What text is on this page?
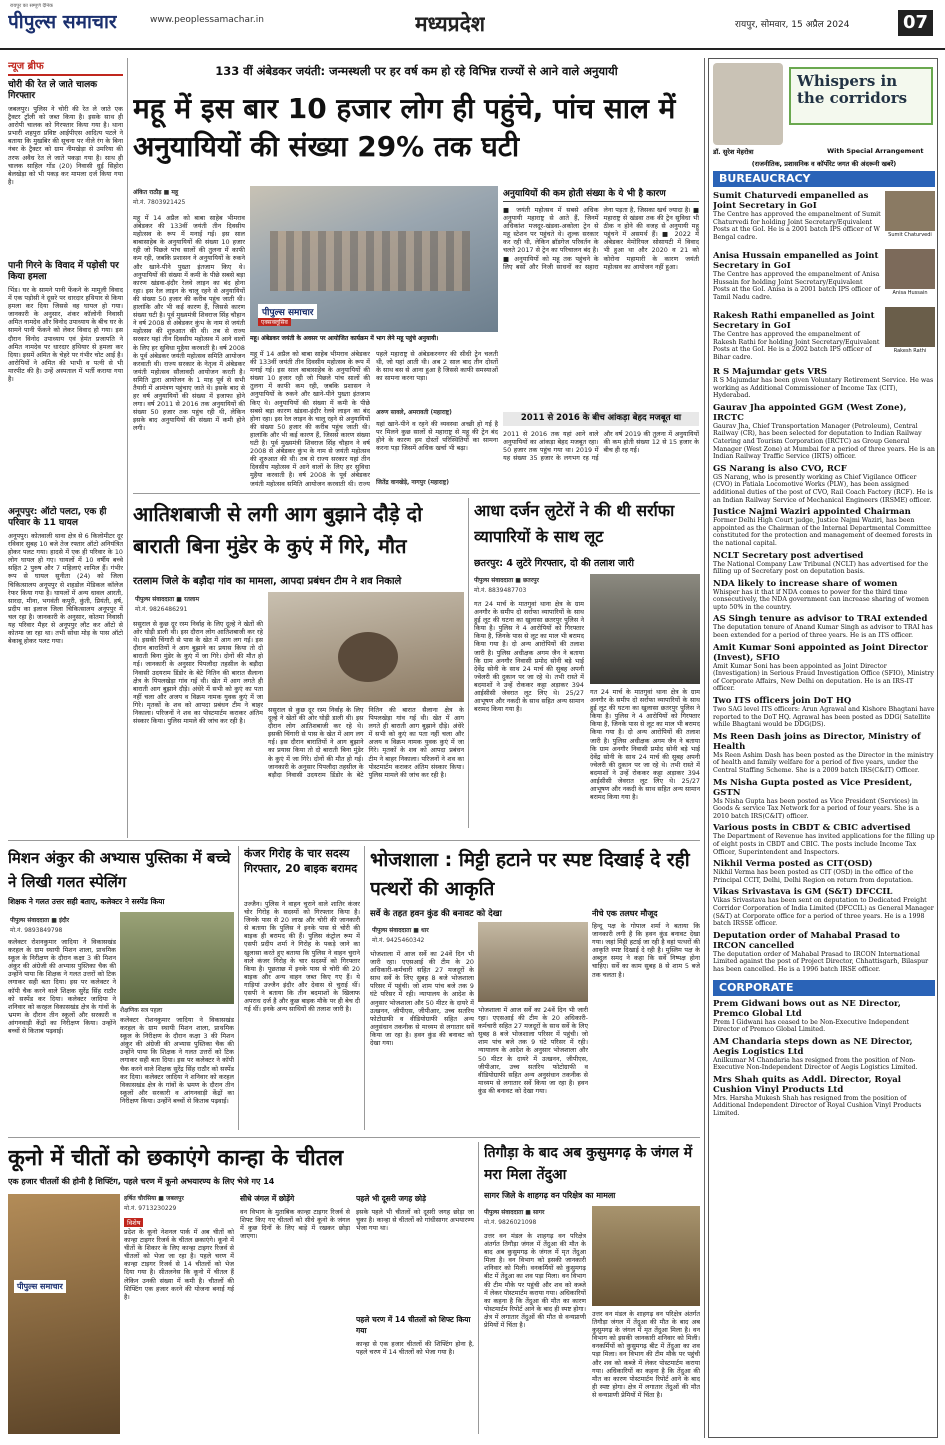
रायपुर का सम्पूर्ण दैनिक
पीपुल्स समाचार	www.peoplessamachar.in	मध्यप्रदेश	रायपुर, सोमवार, 15 अप्रैल 2024	07
न्यूज ब्रीफ
चोरी की रेत ले जाते चालक गिरफ्तार
जबलपुर। पुलिस ने चोरी की रेत ले जाते एक ट्रैक्टर ट्रॉली को जब्त किया है। इसके साथ ही आरोपी चालक को गिरफ्तार किया गया है। थाना प्रभारी शहपुरा प्रविष्ट आईपीएस आदित्य पटले ने बताया कि मुखबिर की सूचना पर नीले रंग के बिना नंबर के ट्रैक्टर को ग्राम नीमखेड़ा से उमरिया की तरफ अवैध रेत ले जाते पकड़ा गया है। साथ ही चालक साहिल गोंड (20) निवासी धुई सिहोरा बेलखेड़ा को भी पकड़ कर मामला दर्ज किया गया है।
पानी गिरने के विवाद में पड़ोसी पर किया हमला
भिंड। घर के सामने पानी फेंकने के मामूली विवाद में एक पड़ोसी ने दूसरे पर धारदार हथियार से किया हमला कर दिया जिससे वह घायल हो गया। जानकारी के अनुसार, शंकर कॉलोनी निवासी अमित नामदेव और विनोद उपाध्याय के बीच घर के सामने पानी फेंकने को लेकर विवाद हो गया। इस दौरान विनोद उपाध्याय एवं हेमंत प्रजापति ने अमित नामदेव पर धारदार हथियार से हमला कर दिया। इसमें अमित के चेहरे पर गंभीर चोट आई है। आरोपियों ने अमित की भाभी व पत्नी से भी मारपीट की है। उन्हें अस्पताल में भर्ती कराया गया है।
अनूपपुर: ऑटो पलटा, एक ही परिवार के 11 घायल
अनूपपुर। कोतवाली थाना क्षेत्र से 6 किलोमीटर दूर रविवार सुबह 10 बजे तेज रफ्तार ऑटो अनियंत्रित होकर पलट गया। हादसे में एक ही परिवार के 10 लोग घायल हो गए। घायलों में 10 वर्षीय बच्चे सहित 2 पुरुष और 7 महिलाएं शामिल हैं। गंभीर रूप से घायल सुनीता (24) को जिला चिकित्सालय अनूपपुर से शहडोल मेडिकल कॉलेज रेफर किया गया है। घायलों में अन्य धावल आरती, सारदा, मीना, भगवंती कपूरी, कुंती, प्रियंती, हर्ष, प्रदीप का इलाज जिला चिकित्सालय अनूपपुर में चल रहा है। जानकारी के अनुसार, कोतमा निवासी यह परिवार मैहर से अनूपपुर लौट कर ऑटो से कोतमा जा रहा था। तभी सोधा मोड़ के पास ऑटो बेकाबू होकर पलट गया।
133 वीं अंबेडकर जयंती: जन्मस्थली पर हर वर्ष कम हो रहे विभिन्न राज्यों से आने वाले अनुयायी
महू में इस बार 10 हजार लोग ही पहुंचे, पांच साल में अनुयायियों की संख्या 29% तक घटी
अंकित राठौड़ ■ महू
मो.नं. 7803921425
महू में 14 अप्रैल को बाबा साहेब भीमराव अंबेडकर की 133वीं जयंती तीन दिवसीय महोत्सव के रूप में मनाई गई। इस साल बाबासाहेब के अनुयायियों की संख्या 10 हजार रही जो पिछले पांच सालों की तुलना में काफी कम रही, जबकि प्रशासन ने अनुयायियों के रुकने और खाने-पीने पुख्ता इंतजाम किए थे। अनुयायियों की संख्या में कमी के पीछे सबसे बड़ा कारण खंडवा-इंदौर रेलवे लाइन का बंद होना रहा। इस रेल लाइन के चालू रहने से अनुयायियों की संख्या 50 हजार की करीब पहुंच जाती थी। हालांकि और भी कई कारण हैं, जिससे कारण संख्या घटी है। पूर्व मुख्यमंत्री शिवराज सिंह चौहान ने वर्ष 2008 से अंबेडकर कुंभ के नाम से जयंती महोत्सव की शुरुआत की थी। तब से राज्य सरकार यहां तीन दिवसीय महोत्सव में आने वालों के लिए हर सुविधा मुहैया करवाती है। वर्ष 2008 के पूर्व अंबेडकर जयंती महोत्सव समिति आयोजन करवाती थी। राज्य सरकार के नेतृत्व में अंबेडकर जयंती महोत्सव सौलावदी आयोजन करती है। समिति द्वारा आयोजन के 1 माह पूर्व से सभी तैयारी में आमंत्रण पहुंचाए जाते थे। इसके बाद से हर वर्ष अनुयायियों की संख्या में इजाफा होने लगा। वर्ष 2011 से 2016 तक अनुयायियों की संख्या 50 हजार तक पहुंच रही थी, लेकिन इसके बाद अनुयायियों की संख्या में कमी होने लगी।
पीपुल्स समाचार
एक्सक्लूसिव
महू। अंबेडकर जयंती के अवसर पर आयोजित कार्यक्रम में भाग लेने महू पहुंचे अनुयायी।
महू में 14 अप्रैल को बाबा साहेब भीमराव अंबेडकर की 133वीं जयंती तीन दिवसीय महोत्सव के रूप में मनाई गई। इस साल बाबासाहेब के अनुयायियों की संख्या 10 हजार रही जो पिछले पांच सालों की तुलना में काफी कम रही, जबकि प्रशासन ने अनुयायियों के रुकने और खाने-पीने पुख्ता इंतजाम किए थे। अनुयायियों की संख्या में कमी के पीछे सबसे बड़ा कारण खंडवा-इंदौर रेलवे लाइन का बंद होना रहा। इस रेल लाइन के चालू रहने से अनुयायियों की संख्या 50 हजार की करीब पहुंच जाती थी। हालांकि और भी कई कारण हैं, जिससे कारण संख्या घटी है। पूर्व मुख्यमंत्री शिवराज सिंह चौहान ने वर्ष 2008 से अंबेडकर कुंभ के नाम से जयंती महोत्सव की शुरुआत की थी। तब से राज्य सरकार यहां तीन दिवसीय महोत्सव में आने वालों के लिए हर सुविधा मुहैया करवाती है। वर्ष 2008 के पूर्व अंबेडकर जयंती महोत्सव समिति आयोजन करवाती थी। राज्य
पहले महाराष्ट्र से अंबेडकरनगर की सीधी ट्रेन चलती थी, जो यहां आती थी। अब 2 साल बाद तीन दोस्तों के साथ बस से आना हुआ है जिससे काफी समस्याओं का सामना करना पड़ा।
अरुण सावले, अमरावती (महाराष्ट्र)
यहां खाने-पीने व रहने की व्यवस्था अच्छी हो गई है पर मिलने कुछ सालों से महाराष्ट्र से महू की ट्रेन बंद होने के कारण हम दोस्तों परिस्थितियों का सामना करना पड़ा जिसमें अधिक खर्चा भी बढ़ा।
जितेंद्र वानखेड़े, नागपुर (महाराष्ट्र)
अनुयायियों की कम होती संख्या के ये भी है कारण
■ जयंती महोत्सव में सबसे अधिक अनुयायी महाराष्ट्र से आते हैं, जिनमें अधिकांश मजदूर-खंडवा-अकोला ट्रेन से महू स्टेशन पर पहुंचते थे। शुल्क सरकार कर रही थी, लेकिन ब्रॉडगेज परिवर्तन के चलते 2017 से ट्रेन का परिचालन बंद है। ■ अनुयायियों को महू तक पहुंचने के लिए बसों और निजी साधनों का सहारा लेना पड़ता है, जिसका खर्च ज्यादा है। ■ महाराष्ट्र से खंडवा तक की ट्रेन सुविधा भी ठीक न होने की वजह से अनुयायी महू पहुंचने में असमर्थ हैं। ■ 2022 में अंबेडकर मेमोरियल सोसायटी में विवाद भी हुआ था और 2020 व 21 को कोरोना महामारी के कारण जयंती महोत्सव का आयोजन नहीं हुआ।
2011 से 2016 के बीच आंकड़ा बेहद मजबूत था
2011 से 2016 तक यहां आने वाले अनुयायियों का आंकड़ा बेहद मजबूत रहा। 50 हजार तक पहुंच गया था। 2019 में यह संख्या 35 हजार के लगभग रह गई और वर्ष 2019 की तुलना में अनुयायियों की कम होती संख्या 12 से 15 हजार के बीच ही रह गई।
आतिशबाजी से लगी आग बुझाने दौड़े दो बाराती बिना मुंडेर के कुएं में गिरे, मौत
रतलाम जिले के बड़ौदा गांव का मामला, आपदा प्रबंधन टीम ने शव निकाले
पीपुल्स संवाददाता ■ रतलाम
मो.नं. 9826486291
ससुराल से कुछ दूर रस्म निर्वाह के लिए दूल्हे ने खेतों की ओर घोड़ी डाली थी। इस दौरान लोग आतिशबाजी कर रहे थे। इसकी चिंगारी से पास के खेत में आग लग गई। इस दौरान बारातियों ने आग बुझाने का प्रयास किया तो दो बाराती बिना मुंडेर के कुएं में जा गिरे। दोनों की मौत हो गई। जानकारी के अनुसार पिपलौदा तहसील के बड़ौदा निवासी उदयराम डिंडोर के बेटे नितिन की बारात सैलाना क्षेत्र के पिपलखेड़ा गांव गई थी। खेत में आग लगते ही बाराती आग बुझाने दौड़े। अंधेरे में सभी को कुएं का पता नहीं चला और अजय व विक्रम नामक युवक कुएं में जा गिरे। मृतकों के शव को आपदा प्रबंधन टीम ने बाहर निकाला। परिजनों ने शव का पोस्टमार्टम कराकर अंतिम संस्कार किया। पुलिस मामले की जांच कर रही है।
ससुराल से कुछ दूर रस्म निर्वाह के लिए दूल्हे ने खेतों की ओर घोड़ी डाली थी। इस दौरान लोग आतिशबाजी कर रहे थे। इसकी चिंगारी से पास के खेत में आग लग गई। इस दौरान बारातियों ने आग बुझाने का प्रयास किया तो दो बाराती बिना मुंडेर के कुएं में जा गिरे। दोनों की मौत हो गई। जानकारी के अनुसार पिपलौदा तहसील के बड़ौदा निवासी उदयराम डिंडोर के बेटे नितिन की बारात सैलाना क्षेत्र के पिपलखेड़ा गांव गई थी। खेत में आग लगते ही बाराती आग बुझाने दौड़े। अंधेरे में सभी को कुएं का पता नहीं चला और अजय व विक्रम नामक युवक कुएं में जा गिरे। मृतकों के शव को आपदा प्रबंधन टीम ने बाहर निकाला। परिजनों ने शव का पोस्टमार्टम कराकर अंतिम संस्कार किया। पुलिस मामले की जांच कर रही है।
आधा दर्जन लुटेरों ने की थी सर्राफा व्यापारियों के साथ लूट
छतरपुर: 4 लुटेरे गिरफ्तार, दो की तलाश जारी
पीपुल्स संवाददाता ■ छतरपुर
मो.नं. 8839487703
गत 24 मार्च के मातगुवां थाना क्षेत्र के ग्राम अनगौर के समीप दो सर्राफा व्यापारियों के साथ हुई लूट की घटना का खुलासा छतरपुर पुलिस ने किया है। पुलिस ने 4 आरोपियों को गिरफ्तार किया है, जिनके पास से लूट का माल भी बरामद किया गया है। दो अन्य आरोपियों की तलाश जारी है। पुलिस अधीक्षक अगम जैन ने बताया कि ग्राम अनगौर निवासी प्रमोद सोनी बड़े भाई देवेंद्र सोनी के साथ 24 मार्च की सुबह अपनी ज्वेलरी की दुकान पर जा रहे थे। तभी रास्ते में बदमाशों ने उन्हें रोककर कट्टा अड़ाकर 394 आईसीसी जेवरात लूट लिए थे। 25/27 आभूषण और नकदी के साथ सहित अन्य सामान बरामद किया गया है।
गत 24 मार्च के मातगुवां थाना क्षेत्र के ग्राम अनगौर के समीप दो सर्राफा व्यापारियों के साथ हुई लूट की घटना का खुलासा छतरपुर पुलिस ने किया है। पुलिस ने 4 आरोपियों को गिरफ्तार किया है, जिनके पास से लूट का माल भी बरामद किया गया है। दो अन्य आरोपियों की तलाश जारी है। पुलिस अधीक्षक अगम जैन ने बताया कि ग्राम अनगौर निवासी प्रमोद सोनी बड़े भाई देवेंद्र सोनी के साथ 24 मार्च की सुबह अपनी ज्वेलरी की दुकान पर जा रहे थे। तभी रास्ते में बदमाशों ने उन्हें रोककर कट्टा अड़ाकर 394 आईसीसी जेवरात लूट लिए थे। 25/27 आभूषण और नकदी के साथ सहित अन्य सामान बरामद किया गया है।
मिशन अंकुर की अभ्यास पुस्तिका में बच्चे ने लिखी गलत स्पेलिंग
शिक्षक ने गलत उत्तर सही बताए, कलेक्टर ने सस्पेंड किया
पीपुल्स संवाददाता ■ इंदौर
मो.नं. 9893849798
कलेक्टर रोशनकुमार जादिया ने विकासखंड करहल के ग्राम स्थायी मिशन शाला, प्राथमिक स्कूल के निरीक्षण के दौरान कक्षा 3 की मिशन अंकुर की अंग्रेजी की अभ्यास पुस्तिका चैक की उन्होंने पाया कि शिक्षक ने गलत उत्तरों को टिक लगाकर सही बता दिया। इस पर कलेक्टर ने कॉपी चैक करने वाले शिक्षक सुरेंद्र सिंह राठौर को सस्पेंड कर दिया। कलेक्टर जादिया ने शनिवार को करहल विकासखंड क्षेत्र के गांवों के भ्रमण के दौरान तीन स्कूलों और सरकारी व आंगनवाड़ी केंद्रों का निरीक्षण किया। उन्होंने बच्चों से किताब पढ़वाई।
शैक्षणिक सत्र पहला
कलेक्टर रोशनकुमार जादिया ने विकासखंड करहल के ग्राम स्थायी मिशन शाला, प्राथमिक स्कूल के निरीक्षण के दौरान कक्षा 3 की मिशन अंकुर की अंग्रेजी की अभ्यास पुस्तिका चैक की उन्होंने पाया कि शिक्षक ने गलत उत्तरों को टिक लगाकर सही बता दिया। इस पर कलेक्टर ने कॉपी चैक करने वाले शिक्षक सुरेंद्र सिंह राठौर को सस्पेंड कर दिया। कलेक्टर जादिया ने शनिवार को करहल विकासखंड क्षेत्र के गांवों के भ्रमण के दौरान तीन स्कूलों और सरकारी व आंगनवाड़ी केंद्रों का निरीक्षण किया। उन्होंने बच्चों से किताब पढ़वाई।
कंजर गिरोह के चार सदस्य गिरफ्तार, 20 बाइक बरामद
उज्जैन। पुलिस ने वाहन चुराने वाले शातिर कंजर चोर गिरोह के सदस्यों को गिरफ्तार किया है। जिनके पास से 20 लाख और चोरी की जानकारी से बताया कि पुलिस ने इनके पास से चोरी की बाइक ही बरामद की हैं। पुलिस कंट्रोल रूम में एसपी प्रदीप शर्मा ने गिरोह के पकड़े जाने का खुलासा करते हुए बताया कि पुलिस ने वाहन चुराने वाले कंजर गिरोह के चार सदस्यों को गिरफ्तार किया है। पूछताछ में इनके पास से चोरी की 20 बाइक और अन्य वाहन जब्त किए गए हैं। ये गाड़ियां उज्जैन इंदौर और देवास से चुराई थीं। एसपी ने बताया कि तीन बदमाशों के खिलाफ अपराध दर्ज है और कुछ बाइक मौके पर ही बेच दी गई थीं। इनके अन्य साथियों की तलाश जारी है।
भोजशाला : मिट्टी हटाने पर स्पष्ट दिखाई दे रही पत्थरों की आकृति
सर्वे के तहत हवन कुंड की बनावट को देखा
पीपुल्स संवाददाता ■ धार
मो.नं. 9425460342
भोजशाला में आज सर्वे का 24वें दिन भी जारी रहा। एएसआई की टीम के 20 अधिकारी-कर्मचारी सहित 27 मजदूरों के साथ सर्वे के लिए सुबह 8 बजे भोजशाला परिसर में पहुंची। जो शाम पांच बजे तक 9 घंटे परिसर में रही। न्यायालय के आदेश के अनुसार भोजशाला और 50 मीटर के दायरे में उत्खनन, जीपीएस, जीपीआर, उच्च सतरिय फोटोग्राफी व वीडियोग्राफी सहित अन्य अनुसंधान तकनीक से माध्यम से लगातार सर्वे किया जा रहा है। हवन कुंड की बनावट को देखा गया।
भोजशाला में आज सर्वे का 24वें दिन भी जारी रहा। एएसआई की टीम के 20 अधिकारी-कर्मचारी सहित 27 मजदूरों के साथ सर्वे के लिए सुबह 8 बजे भोजशाला परिसर में पहुंची। जो शाम पांच बजे तक 9 घंटे परिसर में रही। न्यायालय के आदेश के अनुसार भोजशाला और 50 मीटर के दायरे में उत्खनन, जीपीएस, जीपीआर, उच्च सतरिय फोटोग्राफी व वीडियोग्राफी सहित अन्य अनुसंधान तकनीक से माध्यम से लगातार सर्वे किया जा रहा है। हवन कुंड की बनावट को देखा गया।
नीचे एक तलघर मौजूद
हिन्दू पक्ष के गोपाल शर्मा ने बताया कि जानकारी लगी है कि हवन कुंड बनावट देखा गया। जहां मिट्टी हटाई जा रही है वहां पत्थरों की आकृति स्पष्ट दिखाई दे रही है। मुस्लिम पक्ष के अब्दुल समद ने कहा कि सर्वे निष्पक्ष होना चाहिए। सर्वे का काम सुबह 8 से शाम 5 बजे तक चलता है।
कूनो में चीतों को छकाएंगे कान्हा के चीतल
एक हजार चीतलों की होनी है शिफ्टिंग, पहले चरण में कूनो अभयारण्य के लिए भेजे गए 14
हर्षित चौरसिया ■ जबलपुर
मो.नं. 9713230229
पीपुल्स समाचार
विशेष
प्रदेश के कूनो नेशनल पार्क में अब चीतों को कान्हा टाइगर रिजर्व के चीतल छकाएंगे। कूनो में चीतों के शिकार के लिए कान्हा टाइगर रिजर्व से चीतलों को भेजा जा रहा है। पहले चरण में कान्हा टाइगर रिजर्व से 14 चीतलों को भेज दिया गया है। सीतलनेस कि कूनो में चीतल हैं लेकिन उनकी संख्या में कमी है। चीतलों की शिफ्टिंग एक हजार करने की योजना बनाई गई है।
सीधे जंगल में छोड़ेंगे
वन विभाग के मुताबिक कान्हा टाइगर रिजर्व से शिफ्ट किए गए चीतलों को सीधे कूनो के जंगल में कुछ दिनों के लिए बाड़े में रखकर छोड़ा जाएगा।
पहले भी दूसरी जगह छोड़े
इसके पहले भी चीतलों को दूसरी जगह छोड़ा जा चुका है। कान्हा से चीतलों को गांधीसागर अभयारण्य भेजा गया था।
पहले चरण में 14 चीतलों को शिफ्ट किया गया
कान्हा से एक हजार चीतलों की शिफ्टिंग होना है, पहले चरण में 14 चीतलों को भेजा गया है।
तिगौड़ा के बाद अब कुसुमगढ़ के जंगल में मरा मिला तेंदुआ
सागर जिले के शाहगढ़ वन परिक्षेत्र का मामला
पीपुल्स संवाददाता ■ सागर
मो.नं. 9826021098
उत्तर वन मंडल के शाहगढ़ वन परिक्षेत्र अंतर्गत तिगौड़ा जंगल में तेंदुआ की मौत के बाद अब कुसुमगढ़ के जंगल में मृत तेंदुआ मिला है। वन विभाग को इसकी जानकारी शनिवार को मिली। वनकर्मियों को कुसुमगढ़ बीट में तेंदुआ का शव पड़ा मिला। वन विभाग की टीम मौके पर पहुंची और शव को कब्जे में लेकर पोस्टमार्टम कराया गया। अधिकारियों का कहना है कि तेंदुआ की मौत का कारण पोस्टमार्टम रिपोर्ट आने के बाद ही स्पष्ट होगा। क्षेत्र में लगातार तेंदुओं की मौत से वन्यप्राणी प्रेमियों में चिंता है।
उत्तर वन मंडल के शाहगढ़ वन परिक्षेत्र अंतर्गत तिगौड़ा जंगल में तेंदुआ की मौत के बाद अब कुसुमगढ़ के जंगल में मृत तेंदुआ मिला है। वन विभाग को इसकी जानकारी शनिवार को मिली। वनकर्मियों को कुसुमगढ़ बीट में तेंदुआ का शव पड़ा मिला। वन विभाग की टीम मौके पर पहुंची और शव को कब्जे में लेकर पोस्टमार्टम कराया गया। अधिकारियों का कहना है कि तेंदुआ की मौत का कारण पोस्टमार्टम रिपोर्ट आने के बाद ही स्पष्ट होगा। क्षेत्र में लगातार तेंदुओं की मौत से वन्यप्राणी प्रेमियों में चिंता है।
Whispers in the corridors
डॉ. सुरेश मेहरोत्रा	With Special Arrangement
(राजनीतिक, प्रशासनिक व कॉर्पोरेट जगत की अंदरूनी खबरें)
BUREAUCRACY
Sumit Chaturvedi
Anisa Hussain
Rakesh Rathi
Sumit Chaturvedi empanelled as Joint Secretary in GoI
The Centre has approved the empanelment of Sumit Chaturvedi for holding Joint Secretary/Equivalent Posts at the GoI. He is a 2001 batch IPS officer of W Bengal cadre.
Anisa Hussain empanelled as Joint Secretary in GoI
The Centre has approved the empanelment of Anisa Hussain for holding Joint Secretary/Equivalent Posts at the GoI. Anisa is a 2001 batch IPS officer of Tamil Nadu cadre.
Rakesh Rathi empanelled as Joint Secretary in GoI
The Centre has approved the empanelment of Rakesh Rathi for holding Joint Secretary/Equivalent Posts at the GoI. He is a 2002 batch IPS officer of Bihar cadre.
R S Majumdar gets VRS
R S Majumdar has been given Voluntary Retirement Service. He was working as Additional Commissioner of Income Tax (CIT), Hyderabad.
Gaurav Jha appointed GGM (West Zone), IRCTC
Gaurav Jha, Chief Transportation Manager (Petroleum), Central Railway (CR), has been selected for deputation to Indian Railway Catering and Tourism Corporation (IRCTC) as Group General Manager (West Zone) at Mumbai for a period of three years. He is an Indian Railway Traffic Service (IRTS) officer.
GS Narang is also CVO, RCF
GS Narang, who is presently working as Chief Vigilance Officer (CVO) in Patiala Locomotive Works (PLW), has been assigned additional duties of the post of CVO, Rail Coach Factory (RCF). He is an Indian Railway Service of Mechanical Engineers (IRSME) officer.
Justice Najmi Waziri appointed Chairman
Former Delhi High Court judge, Justice Najmi Waziri, has been appointed as the Chairman of the Internal Departmental Committee constituted for the protection and management of deemed forests in the national capital.
NCLT Secretary post advertised
The National Company Law Tribunal (NCLT) has advertised for the filling up of Secretary post on deputation basis.
NDA likely to increase share of women
Whisper has it that if NDA comes to power for the third time consecutively, the NDA government can increase sharing of women upto 50% in the country.
AS Singh tenure as advisor to TRAI extended
The deputation tenure of Anand Kumar Singh as advisor to TRAI has been extended for a period of three years. He is an ITS officer.
Amit Kumar Soni appointed as Joint Director (Invest), SFIO
Amit Kumar Soni has been appointed as Joint Director (Investigation) in Serious Fraud Investigation Office (SFIO), Ministry of Corporate Affairs, New Delhi on deputation. He is an IRS-IT officer.
Two ITS officers join DoT HQ
Two SAG level ITS officers: Arun Agrawal and Kishore Bhagtani have reported to the DoT HQ. Agrawal has been posted as DDG( Satellite while Bhagtani would be DDG(DS).
Ms Reen Dash joins as Director, Ministry of Health
Ms Reen Ashim Dash has been posted as the Director in the ministry of health and family welfare for a period of five years, under the Central Staffing Scheme. She is a 2009 batch IRS(C&IT) Officer.
Ms Nisha Gupta posted as Vice President, GSTN
Ms Nisha Gupta has been posted as Vice President (Services) in Goods & service Tax Network for a period of four years. She is a 2010 batch IRS(C&IT) officer.
Various posts in CBDT & CBIC advertised
The Department of Revenue has invited applications for the filling up of eight posts in CBDT and CBIC. The posts include Income Tax Officer, Superintendent and Inspectors.
Nikhil Verma posted as CIT(OSD)
Nikhil Verma has been posted as CIT (OSD) in the office of the Principal CCIT, Delhi, Delhi Region on return from deputation.
Vikas Srivastava is GM (S&T) DFCCIL
Vikas Srivastava has been sent on deputation to Dedicated Freight Corridor Corporation of India Limited (DFCCIL) as General Manager (S&T) at Corporate office for a period of three years. He is a 1998 batch IRSSE officer.
Deputation order of Mahabal Prasad to IRCON cancelled
The deputation order of Mahabal Prasad to IRCON International Limited against the post of Project Director, Chhattisgarh, Bilaspur has been cancelled. He is a 1996 batch IRSE officer.
CORPORATE
Prem Gidwani bows out as NE Director, Premco Global Ltd
Prem I Gidwani has ceased to be Non-Executive Independent Director of Premco Global Limited.
AM Chandaria steps down as NE Director, Aegis Logistics Ltd
Anilkumar M Chandaria has resigned from the position of Non-Executive Non-Independent Director of Aegis Logistics Limited.
Mrs Shah quits as Addl. Director, Royal Cushion Vinyl Products Ltd
Mrs. Harsha Mukesh Shah has resigned from the position of Additional Independent Director of Royal Cushion Vinyl Products Limited.
